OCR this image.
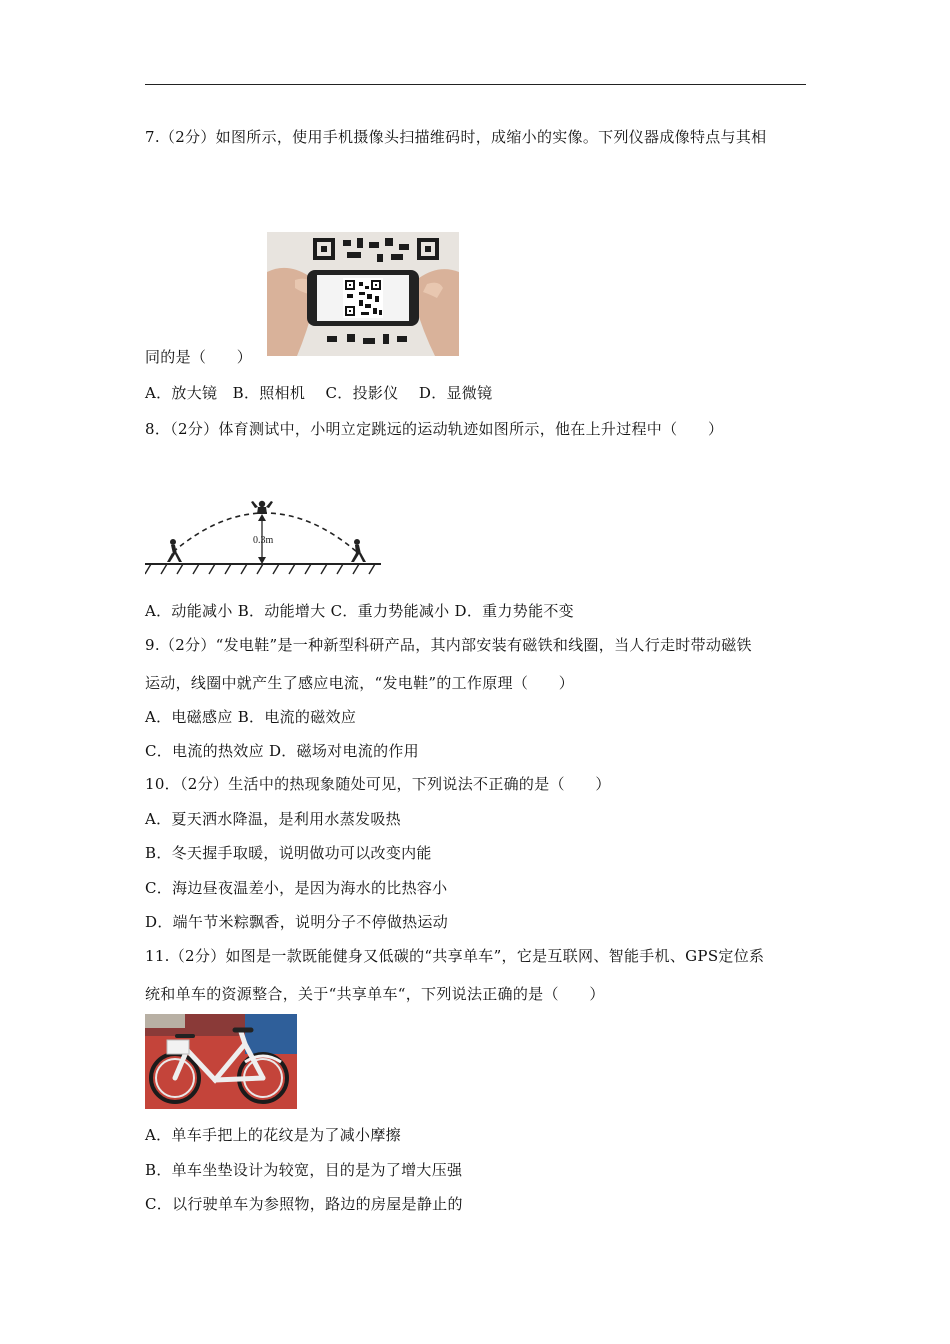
7.（2分）如图所示，使用手机摄像头扫描维码时，成缩小的实像。下列仪器成像特点与其相
同的是（　　）
A．放大镜　B．照相机　 C．投影仪　 D．显微镜
8．（2分）体育测试中，小明立定跳远的运动轨迹如图所示，他在上升过程中（　　）
0.3m
A．动能减小 B．动能增大 C．重力势能减小 D．重力势能不变
9.（2分）“发电鞋”是一种新型科研产品，其内部安装有磁铁和线圈，当人行走时带动磁铁
运动，线圈中就产生了感应电流，“发电鞋”的工作原理（　　）
A．电磁感应 B．电流的磁效应
C．电流的热效应 D．磁场对电流的作用
10．（2分）生活中的热现象随处可见，下列说法不正确的是（　　）
A．夏天洒水降温，是利用水蒸发吸热
B．冬天握手取暖，说明做功可以改变内能
C．海边昼夜温差小，是因为海水的比热容小
D．端午节米粽飘香，说明分子不停做热运动
11.（2分）如图是一款既能健身又低碳的“共享单车”，它是互联网、智能手机、GPS定位系
统和单车的资源整合，关于“共享单车“，下列说法正确的是（　　）
A．单车手把上的花纹是为了减小摩擦
B．单车坐垫设计为较宽，目的是为了增大压强
C．以行驶单车为参照物，路边的房屋是静止的
